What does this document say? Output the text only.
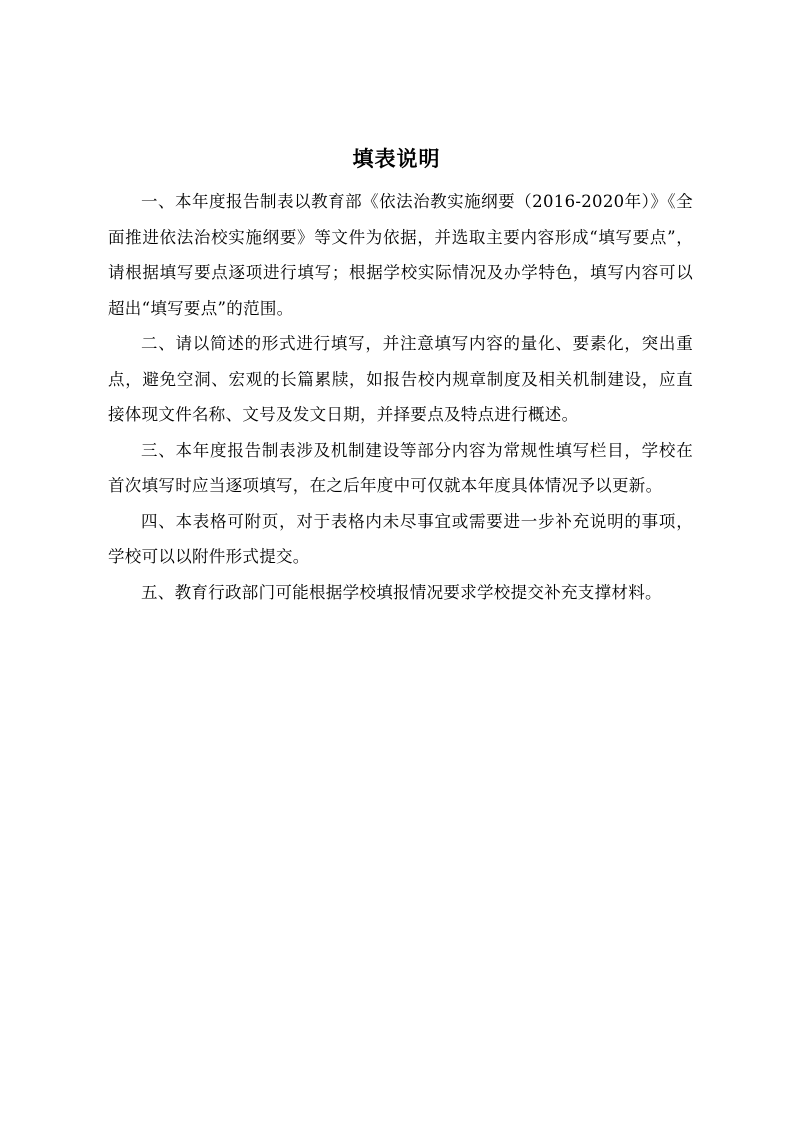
填表说明

一、本年度报告制表以教育部《依法治教实施纲要（2016-2020年）》《全面推进依法治校实施纲要》等文件为依据，并选取主要内容形成“填写要点”，请根据填写要点逐项进行填写；根据学校实际情况及办学特色，填写内容可以超出“填写要点”的范围。

二、请以简述的形式进行填写，并注意填写内容的量化、要素化，突出重点，避免空洞、宏观的长篇累牍，如报告校内规章制度及相关机制建设，应直接体现文件名称、文号及发文日期，并择要点及特点进行概述。

三、本年度报告制表涉及机制建设等部分内容为常规性填写栏目，学校在首次填写时应当逐项填写，在之后年度中可仅就本年度具体情况予以更新。

四、本表格可附页，对于表格内未尽事宜或需要进一步补充说明的事项，学校可以以附件形式提交。

五、教育行政部门可能根据学校填报情况要求学校提交补充支撑材料。
